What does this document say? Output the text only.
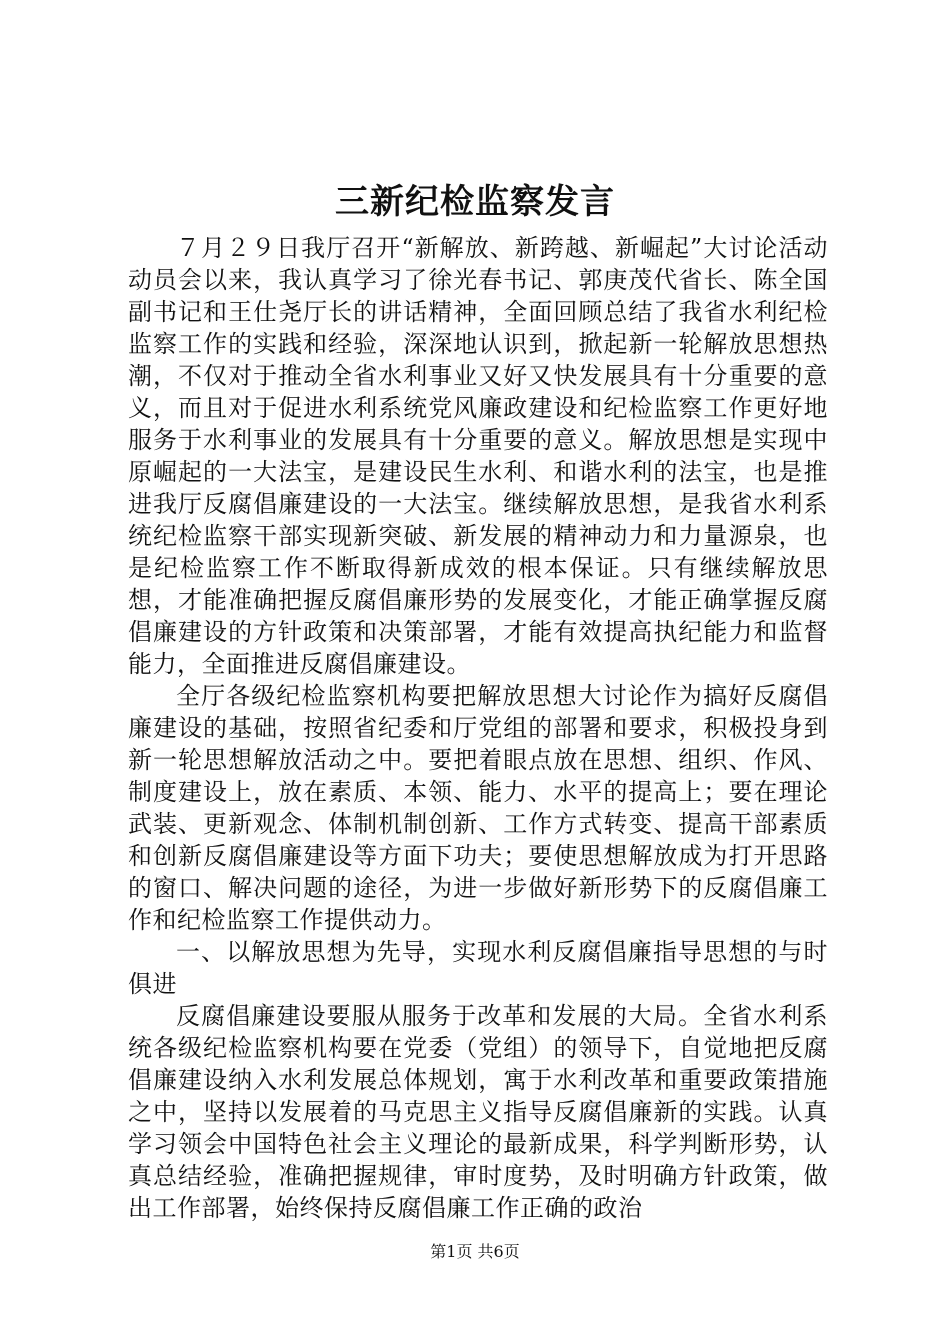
三新纪检监察发言

７月２９日我厅召开“新解放、新跨越、新崛起”大讨论活动动员会以来，我认真学习了徐光春书记、郭庚茂代省长、陈全国副书记和王仕尧厅长的讲话精神，全面回顾总结了我省水利纪检监察工作的实践和经验，深深地认识到，掀起新一轮解放思想热潮，不仅对于推动全省水利事业又好又快发展具有十分重要的意义，而且对于促进水利系统党风廉政建设和纪检监察工作更好地服务于水利事业的发展具有十分重要的意义。解放思想是实现中原崛起的一大法宝，是建设民生水利、和谐水利的法宝，也是推进我厅反腐倡廉建设的一大法宝。继续解放思想，是我省水利系统纪检监察干部实现新突破、新发展的精神动力和力量源泉，也是纪检监察工作不断取得新成效的根本保证。只有继续解放思想，才能准确把握反腐倡廉形势的发展变化，才能正确掌握反腐倡廉建设的方针政策和决策部署，才能有效提高执纪能力和监督能力，全面推进反腐倡廉建设。

全厅各级纪检监察机构要把解放思想大讨论作为搞好反腐倡廉建设的基础，按照省纪委和厅党组的部署和要求，积极投身到新一轮思想解放活动之中。要把着眼点放在思想、组织、作风、制度建设上，放在素质、本领、能力、水平的提高上；要在理论武装、更新观念、体制机制创新、工作方式转变、提高干部素质和创新反腐倡廉建设等方面下功夫；要使思想解放成为打开思路的窗口、解决问题的途径，为进一步做好新形势下的反腐倡廉工作和纪检监察工作提供动力。

一、以解放思想为先导，实现水利反腐倡廉指导思想的与时俱进

反腐倡廉建设要服从服务于改革和发展的大局。全省水利系统各级纪检监察机构要在党委（党组）的领导下，自觉地把反腐倡廉建设纳入水利发展总体规划，寓于水利改革和重要政策措施之中，坚持以发展着的马克思主义指导反腐倡廉新的实践。认真学习领会中国特色社会主义理论的最新成果，科学判断形势，认真总结经验，准确把握规律，审时度势，及时明确方针政策，做出工作部署，始终保持反腐倡廉工作正确的政治

第1页 共6页
